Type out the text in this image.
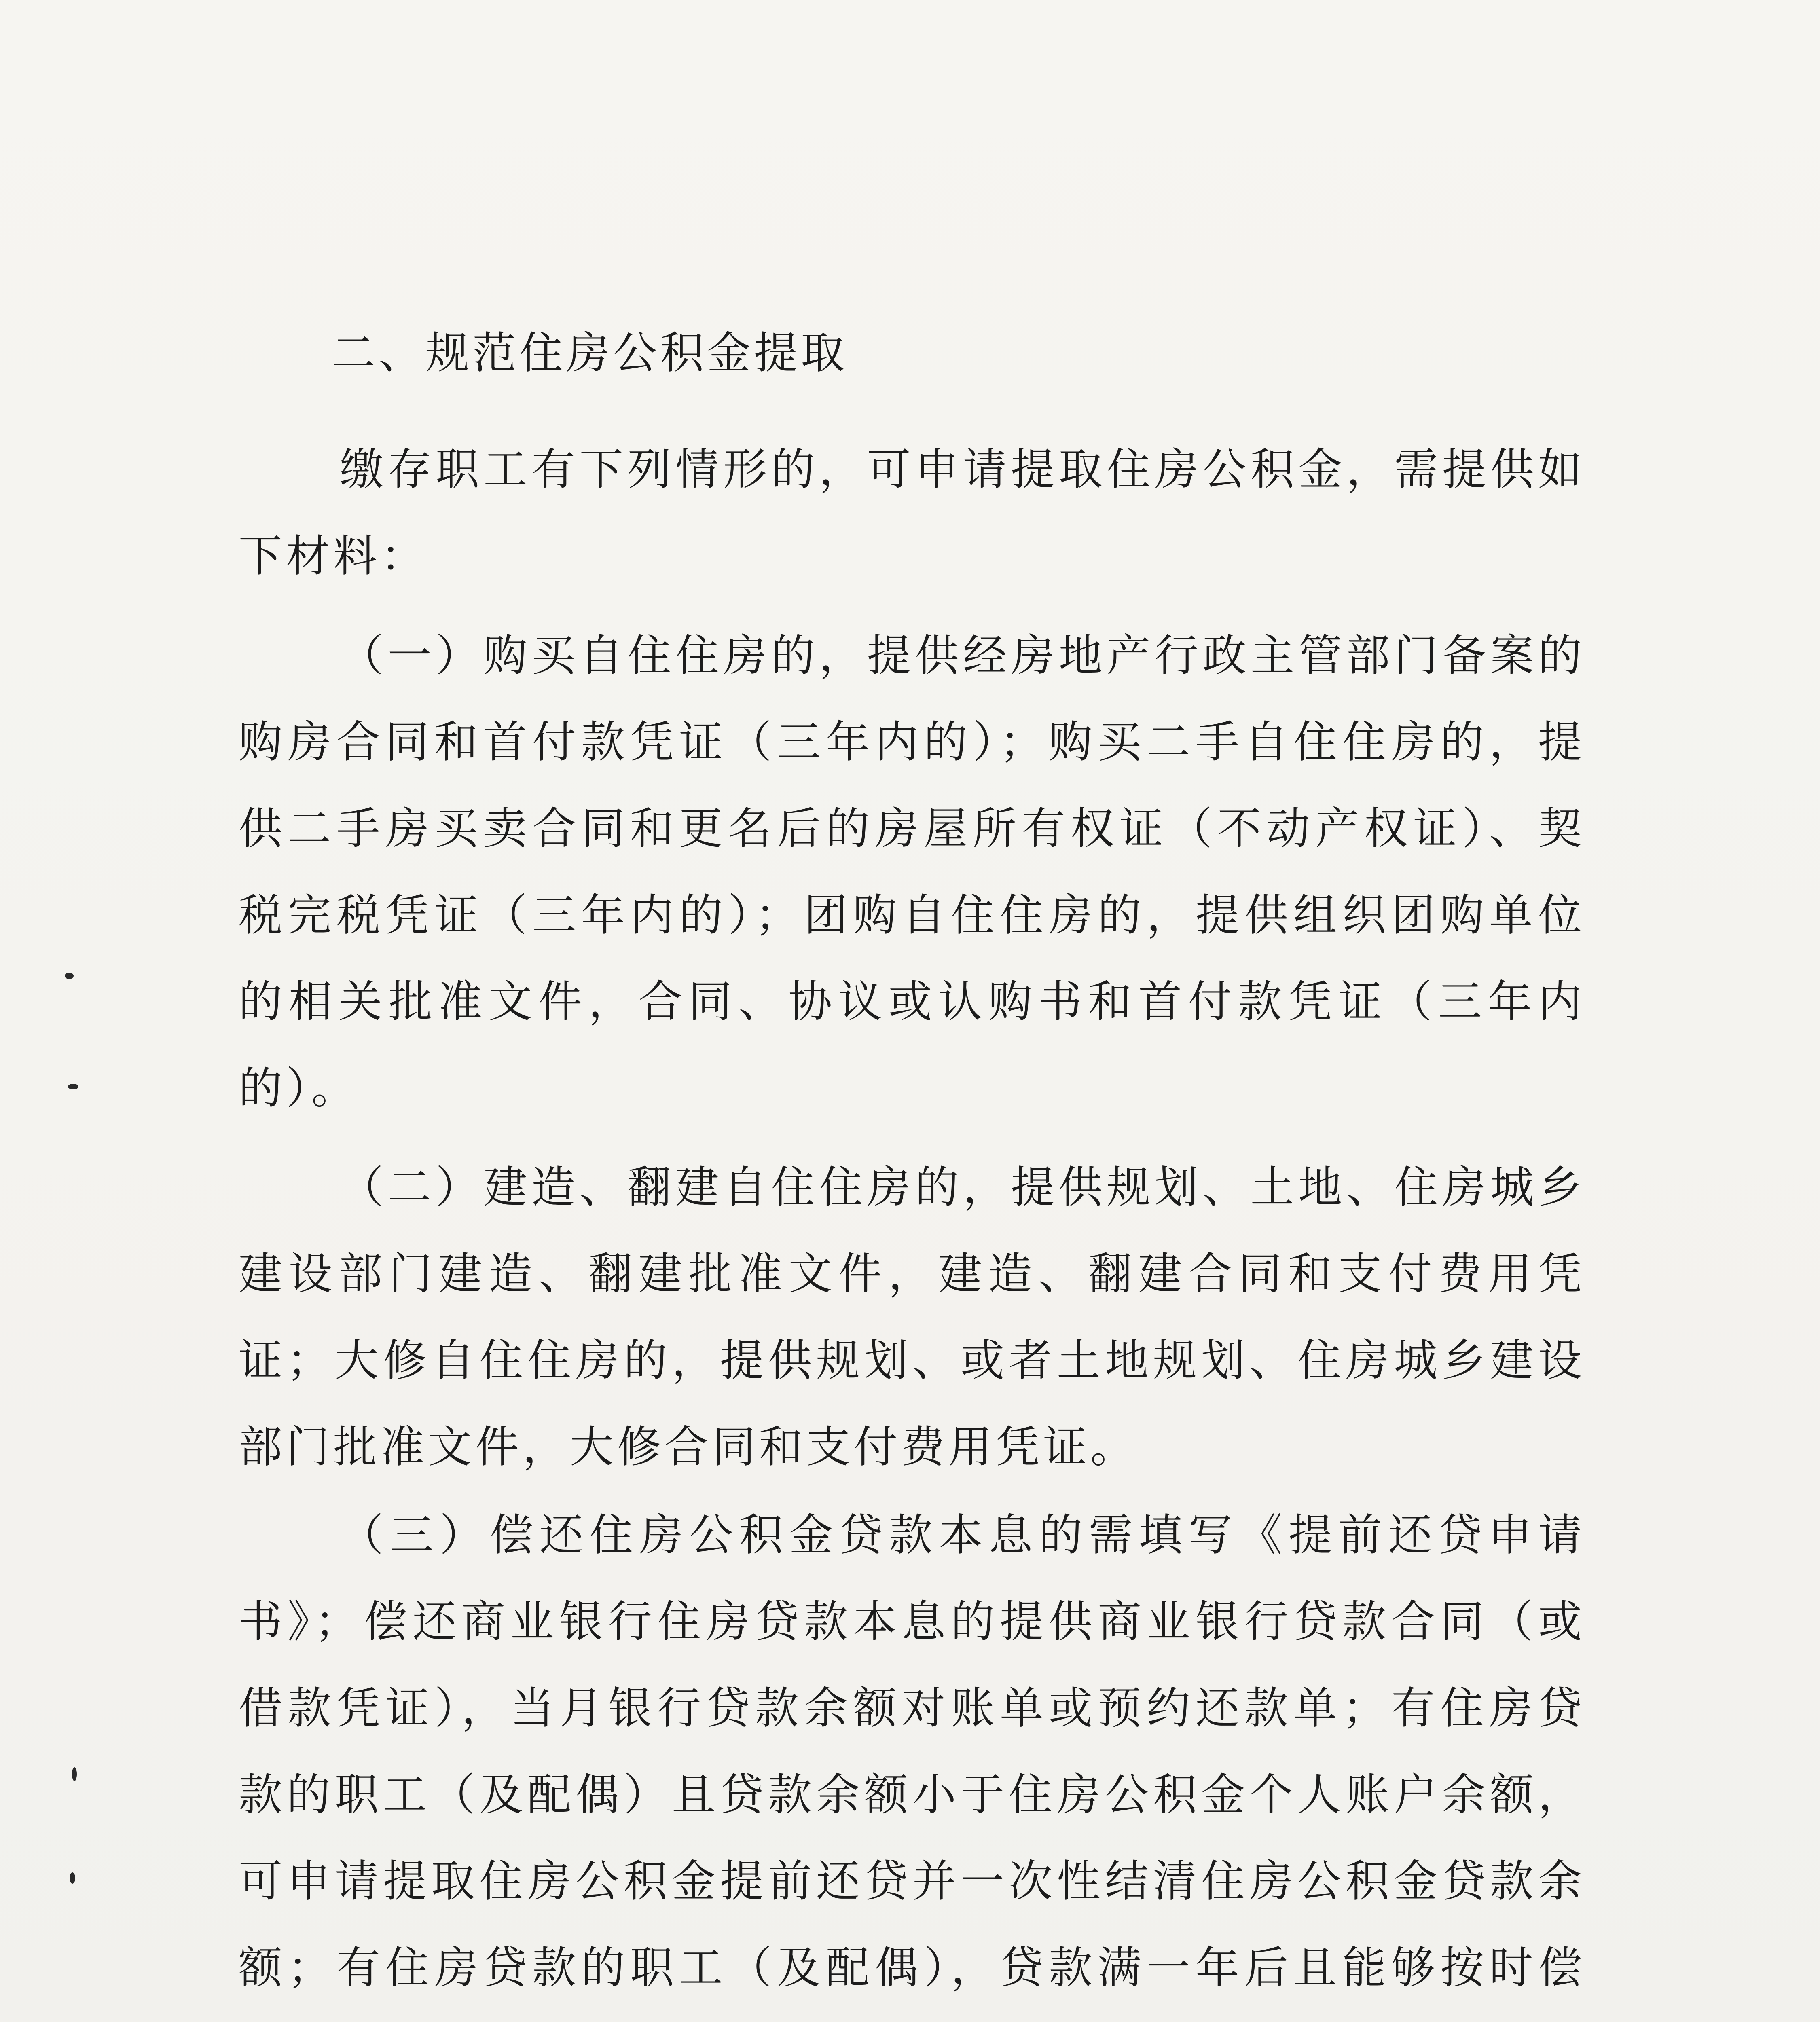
二、规范住房公积金提取

缴存职工有下列情形的，可申请提取住房公积金，需提供如下材料：

（一）购买自住住房的，提供经房地产行政主管部门备案的购房合同和首付款凭证（三年内的）；购买二手自住住房的，提供二手房买卖合同和更名后的房屋所有权证（不动产权证）、契税完税凭证（三年内的）；团购自住住房的，提供组织团购单位的相关批准文件，合同、协议或认购书和首付款凭证（三年内的）。

（二）建造、翻建自住住房的，提供规划、土地、住房城乡建设部门建造、翻建批准文件，建造、翻建合同和支付费用凭证；大修自住住房的，提供规划、或者土地规划、住房城乡建设部门批准文件，大修合同和支付费用凭证。

（三）偿还住房公积金贷款本息的需填写《提前还贷申请书》；偿还商业银行住房贷款本息的提供商业银行贷款合同（或借款凭证），当月银行贷款余额对账单或预约还款单；有住房贷款的职工（及配偶）且贷款余额小于住房公积金个人账户余额，可申请提取住房公积金提前还贷并一次性结清住房公积金贷款余额；有住房贷款的职工（及配偶），贷款满一年后且能够按时偿
